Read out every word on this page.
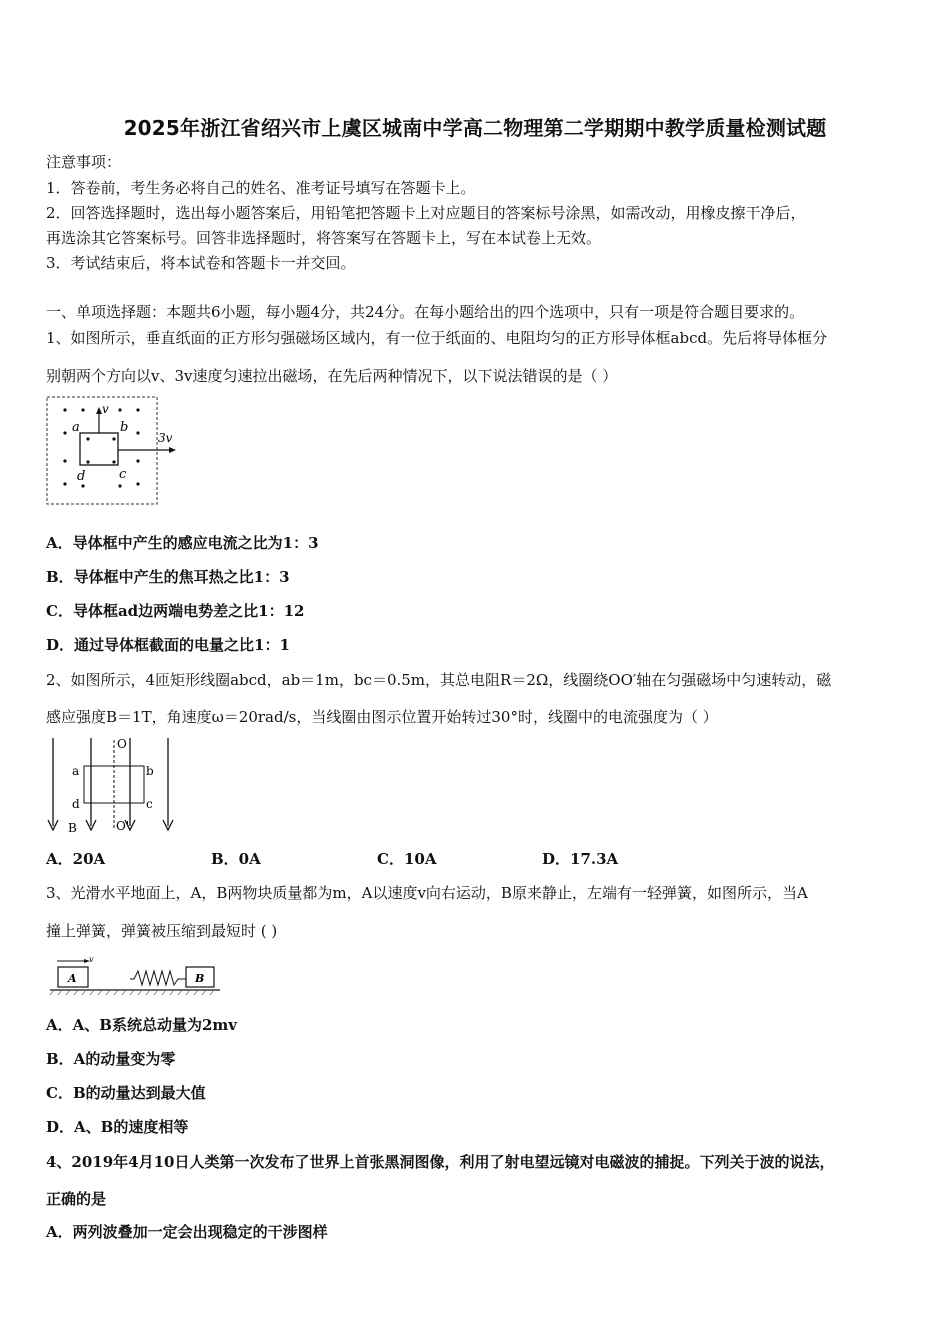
2025年浙江省绍兴市上虞区城南中学高二物理第二学期期中教学质量检测试题
注意事项：
1．答卷前，考生务必将自己的姓名、准考证号填写在答题卡上。
2．回答选择题时，选出每小题答案后，用铅笔把答题卡上对应题目的答案标号涂黑，如需改动，用橡皮擦干净后，
再选涂其它答案标号。回答非选择题时，将答案写在答题卡上，写在本试卷上无效。
3．考试结束后，将本试卷和答题卡一并交回。
一、单项选择题：本题共6小题，每小题4分，共24分。在每小题给出的四个选项中，只有一项是符合题目要求的。
1、如图所示，垂直纸面的正方形匀强磁场区域内，有一位于纸面的、电阻均匀的正方形导体框abcd。先后将导体框分
别朝两个方向以v、3v速度匀速拉出磁场，在先后两种情况下，以下说法错误的是（ ）
v
3v
a	b
d	c
A．导体框中产生的感应电流之比为1：3
B．导体框中产生的焦耳热之比1：3
C．导体框ad边两端电势差之比1：12
D．通过导体框截面的电量之比1：1
2、如图所示，4匝矩形线圈abcd，ab＝1m，bc＝0.5m，其总电阻R＝2Ω，线圈绕OO′轴在匀强磁场中匀速转动，磁
感应强度B＝1T，角速度ω＝20rad/s，当线圈由图示位置开始转过30°时，线圈中的电流强度为（ ）
O
O'
a	b
d	c
B
A．20A	B．0A	C．10A	D．17.3A
3、光滑水平地面上，A，B两物块质量都为m，A以速度v向右运动，B原来静止，左端有一轻弹簧，如图所示，当A
撞上弹簧，弹簧被压缩到最短时 ( )
v
A	B
A．A、B系统总动量为2mv
B．A的动量变为零
C．B的动量达到最大值
D．A、B的速度相等
4、2019年4月10日人类第一次发布了世界上首张黑洞图像，利用了射电望远镜对电磁波的捕捉。下列关于波的说法，
正确的是
A．两列波叠加一定会出现稳定的干涉图样
